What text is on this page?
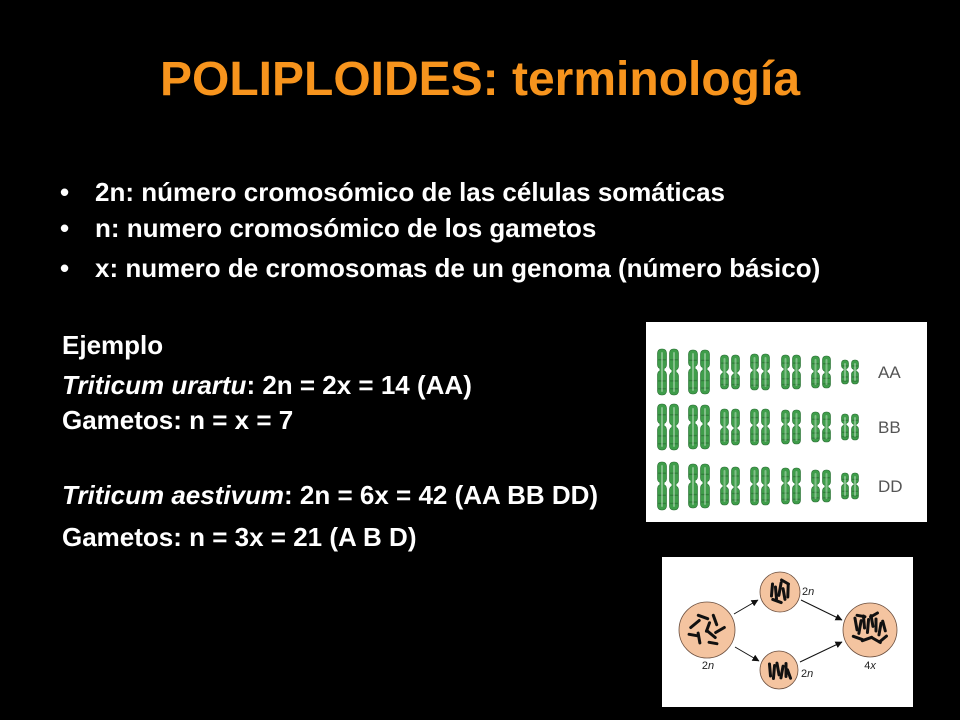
POLIPLOIDES: terminología
•2n: número cromosómico de las células somáticas
•n: numero cromosómico de los gametos
•x: numero de cromosomas de un genoma (número básico)
Ejemplo
Triticum urartu: 2n = 2x = 14 (AA)
Gametos: n = x = 7
Triticum aestivum: 2n = 6x = 42 (AA BB DD)
Gametos: n = 3x = 21 (A B D)
AA
BB
DD
2n
2n
2n
4x
